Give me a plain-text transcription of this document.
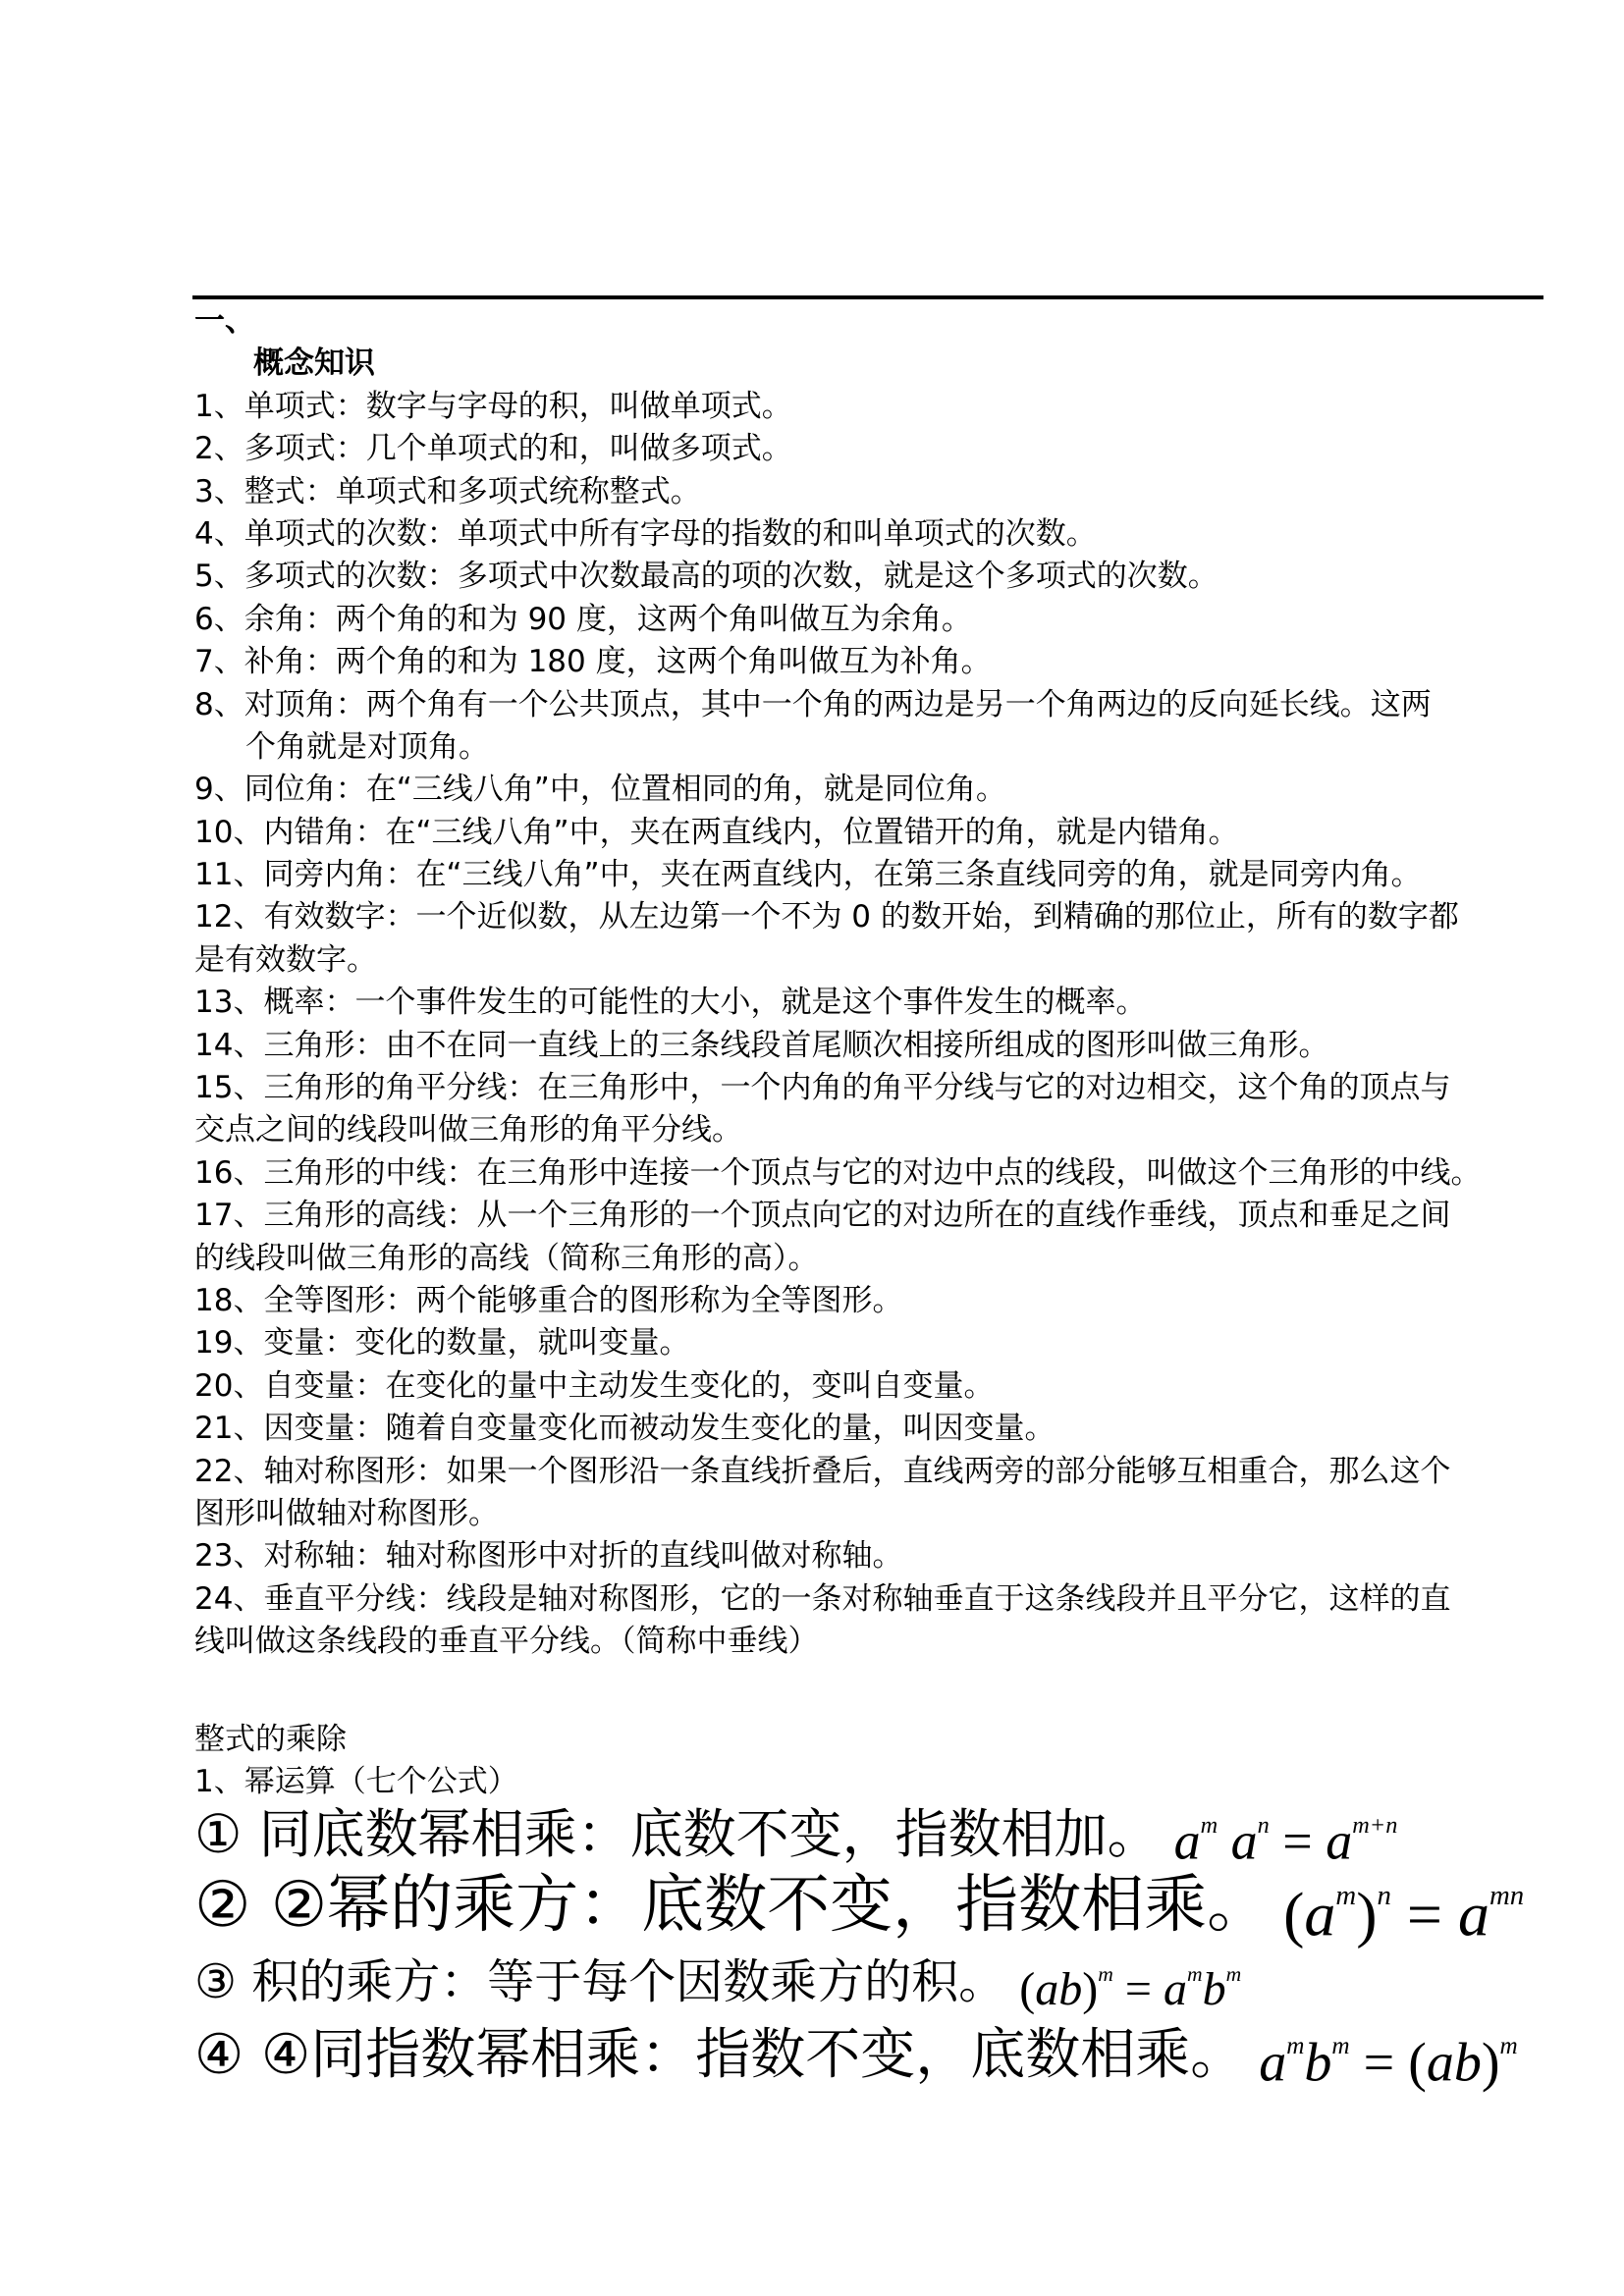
一、
概念知识
1、单项式：数字与字母的积，叫做单项式。
2、多项式：几个单项式的和，叫做多项式。
3、整式：单项式和多项式统称整式。
4、单项式的次数：单项式中所有字母的指数的和叫单项式的次数。
5、多项式的次数：多项式中次数最高的项的次数，就是这个多项式的次数。
6、余角：两个角的和为 90 度，这两个角叫做互为余角。
7、补角：两个角的和为 180 度，这两个角叫做互为补角。
8、对顶角：两个角有一个公共顶点，其中一个角的两边是另一个角两边的反向延长线。这两
个角就是对顶角。
9、同位角：在“三线八角”中，位置相同的角，就是同位角。
10、内错角：在“三线八角”中，夹在两直线内，位置错开的角，就是内错角。
11、同旁内角：在“三线八角”中，夹在两直线内，在第三条直线同旁的角，就是同旁内角。
12、有效数字：一个近似数，从左边第一个不为 0 的数开始，到精确的那位止，所有的数字都
是有效数字。
13、概率：一个事件发生的可能性的大小，就是这个事件发生的概率。
14、三角形：由不在同一直线上的三条线段首尾顺次相接所组成的图形叫做三角形。
15、三角形的角平分线：在三角形中，一个内角的角平分线与它的对边相交，这个角的顶点与
交点之间的线段叫做三角形的角平分线。
16、三角形的中线：在三角形中连接一个顶点与它的对边中点的线段，叫做这个三角形的中线。
17、三角形的高线：从一个三角形的一个顶点向它的对边所在的直线作垂线，顶点和垂足之间
的线段叫做三角形的高线（简称三角形的高）。
18、全等图形：两个能够重合的图形称为全等图形。
19、变量：变化的数量，就叫变量。
20、自变量：在变化的量中主动发生变化的，变叫自变量。
21、因变量：随着自变量变化而被动发生变化的量，叫因变量。
22、轴对称图形：如果一个图形沿一条直线折叠后，直线两旁的部分能够互相重合，那么这个
图形叫做轴对称图形。
23、对称轴：轴对称图形中对折的直线叫做对称轴。
24、垂直平分线：线段是轴对称图形，它的一条对称轴垂直于这条线段并且平分它，这样的直
线叫做这条线段的垂直平分线。（简称中垂线）
整式的乘除
1、幂运算（七个公式）
① 同底数幂相乘：底数不变，指数相加。 $a^m$ $a^n = a^{m+n}$
② ②幂的乘方：底数不变，指数相乘。 $(a^m)^n = a^{mn}$
③ 积的乘方：等于每个因数乘方的积。 $(ab)^m = a^mb^m$
④ ④同指数幂相乘：指数不变，底数相乘。 $a^mb^m = (ab)^m$
